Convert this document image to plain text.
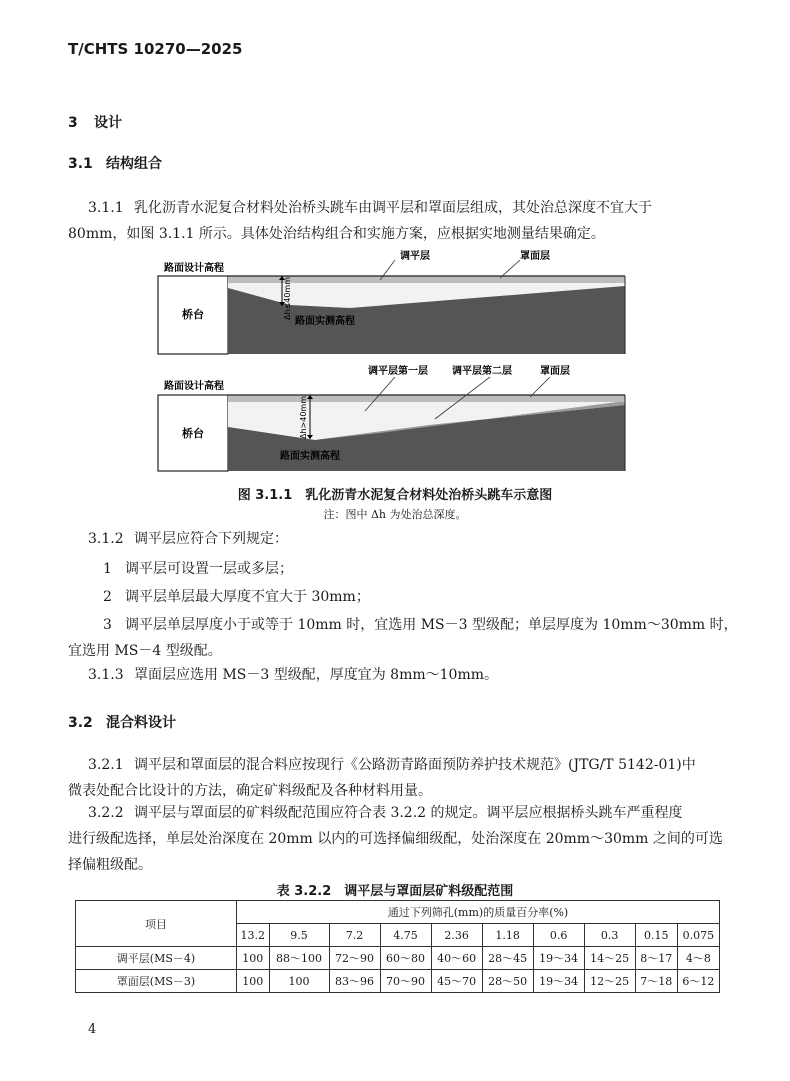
T/CHTS 10270—2025
3 设计
3.1 结构组合
3.1.1 乳化沥青水泥复合材料处治桥头跳车由调平层和罩面层组成，其处治总深度不宜大于
80mm，如图 3.1.1 所示。具体处治结构组合和实施方案，应根据实地测量结果确定。
路面设计高程
桥台
调平层	罩面层
Δh≤40mm
路面实测高程
路面设计高程
桥台
调平层第一层 调平层第二层	罩面层
Δh>40mm
路面实测高程
图 3.1.1　乳化沥青水泥复合材料处治桥头跳车示意图
注：图中 Δh 为处治总深度。
3.1.2 调平层应符合下列规定：
1 调平层可设置一层或多层；
2 调平层单层最大厚度不宜大于 30mm；
3 调平层单层厚度小于或等于 10mm 时，宜选用 MS－3 型级配；单层厚度为 10mm～30mm 时，
宜选用 MS－4 型级配。
3.1.3 罩面层应选用 MS－3 型级配，厚度宜为 8mm～10mm。
3.2 混合料设计
3.2.1 调平层和罩面层的混合料应按现行《公路沥青路面预防养护技术规范》(JTG/T 5142-01)中
微表处配合比设计的方法，确定矿料级配及各种材料用量。
3.2.2 调平层与罩面层的矿料级配范围应符合表 3.2.2 的规定。调平层应根据桥头跳车严重程度
进行级配选择，单层处治深度在 20mm 以内的可选择偏细级配，处治深度在 20mm～30mm 之间的可选
择偏粗级配。
表 3.2.2　调平层与罩面层矿料级配范围
项目	通过下列筛孔(mm)的质量百分率(%)									
	13.2	9.5	7.2	4.75	2.36	1.18	0.6	0.3	0.15	0.075
调平层(MS－4)	100	88～100	72～90	60～80	40～60	28～45	19～34	14～25	8～17	4～8
罩面层(MS－3)	100	100	83～96	70～90	45～70	28～50	19～34	12～25	7～18	6～12
4
